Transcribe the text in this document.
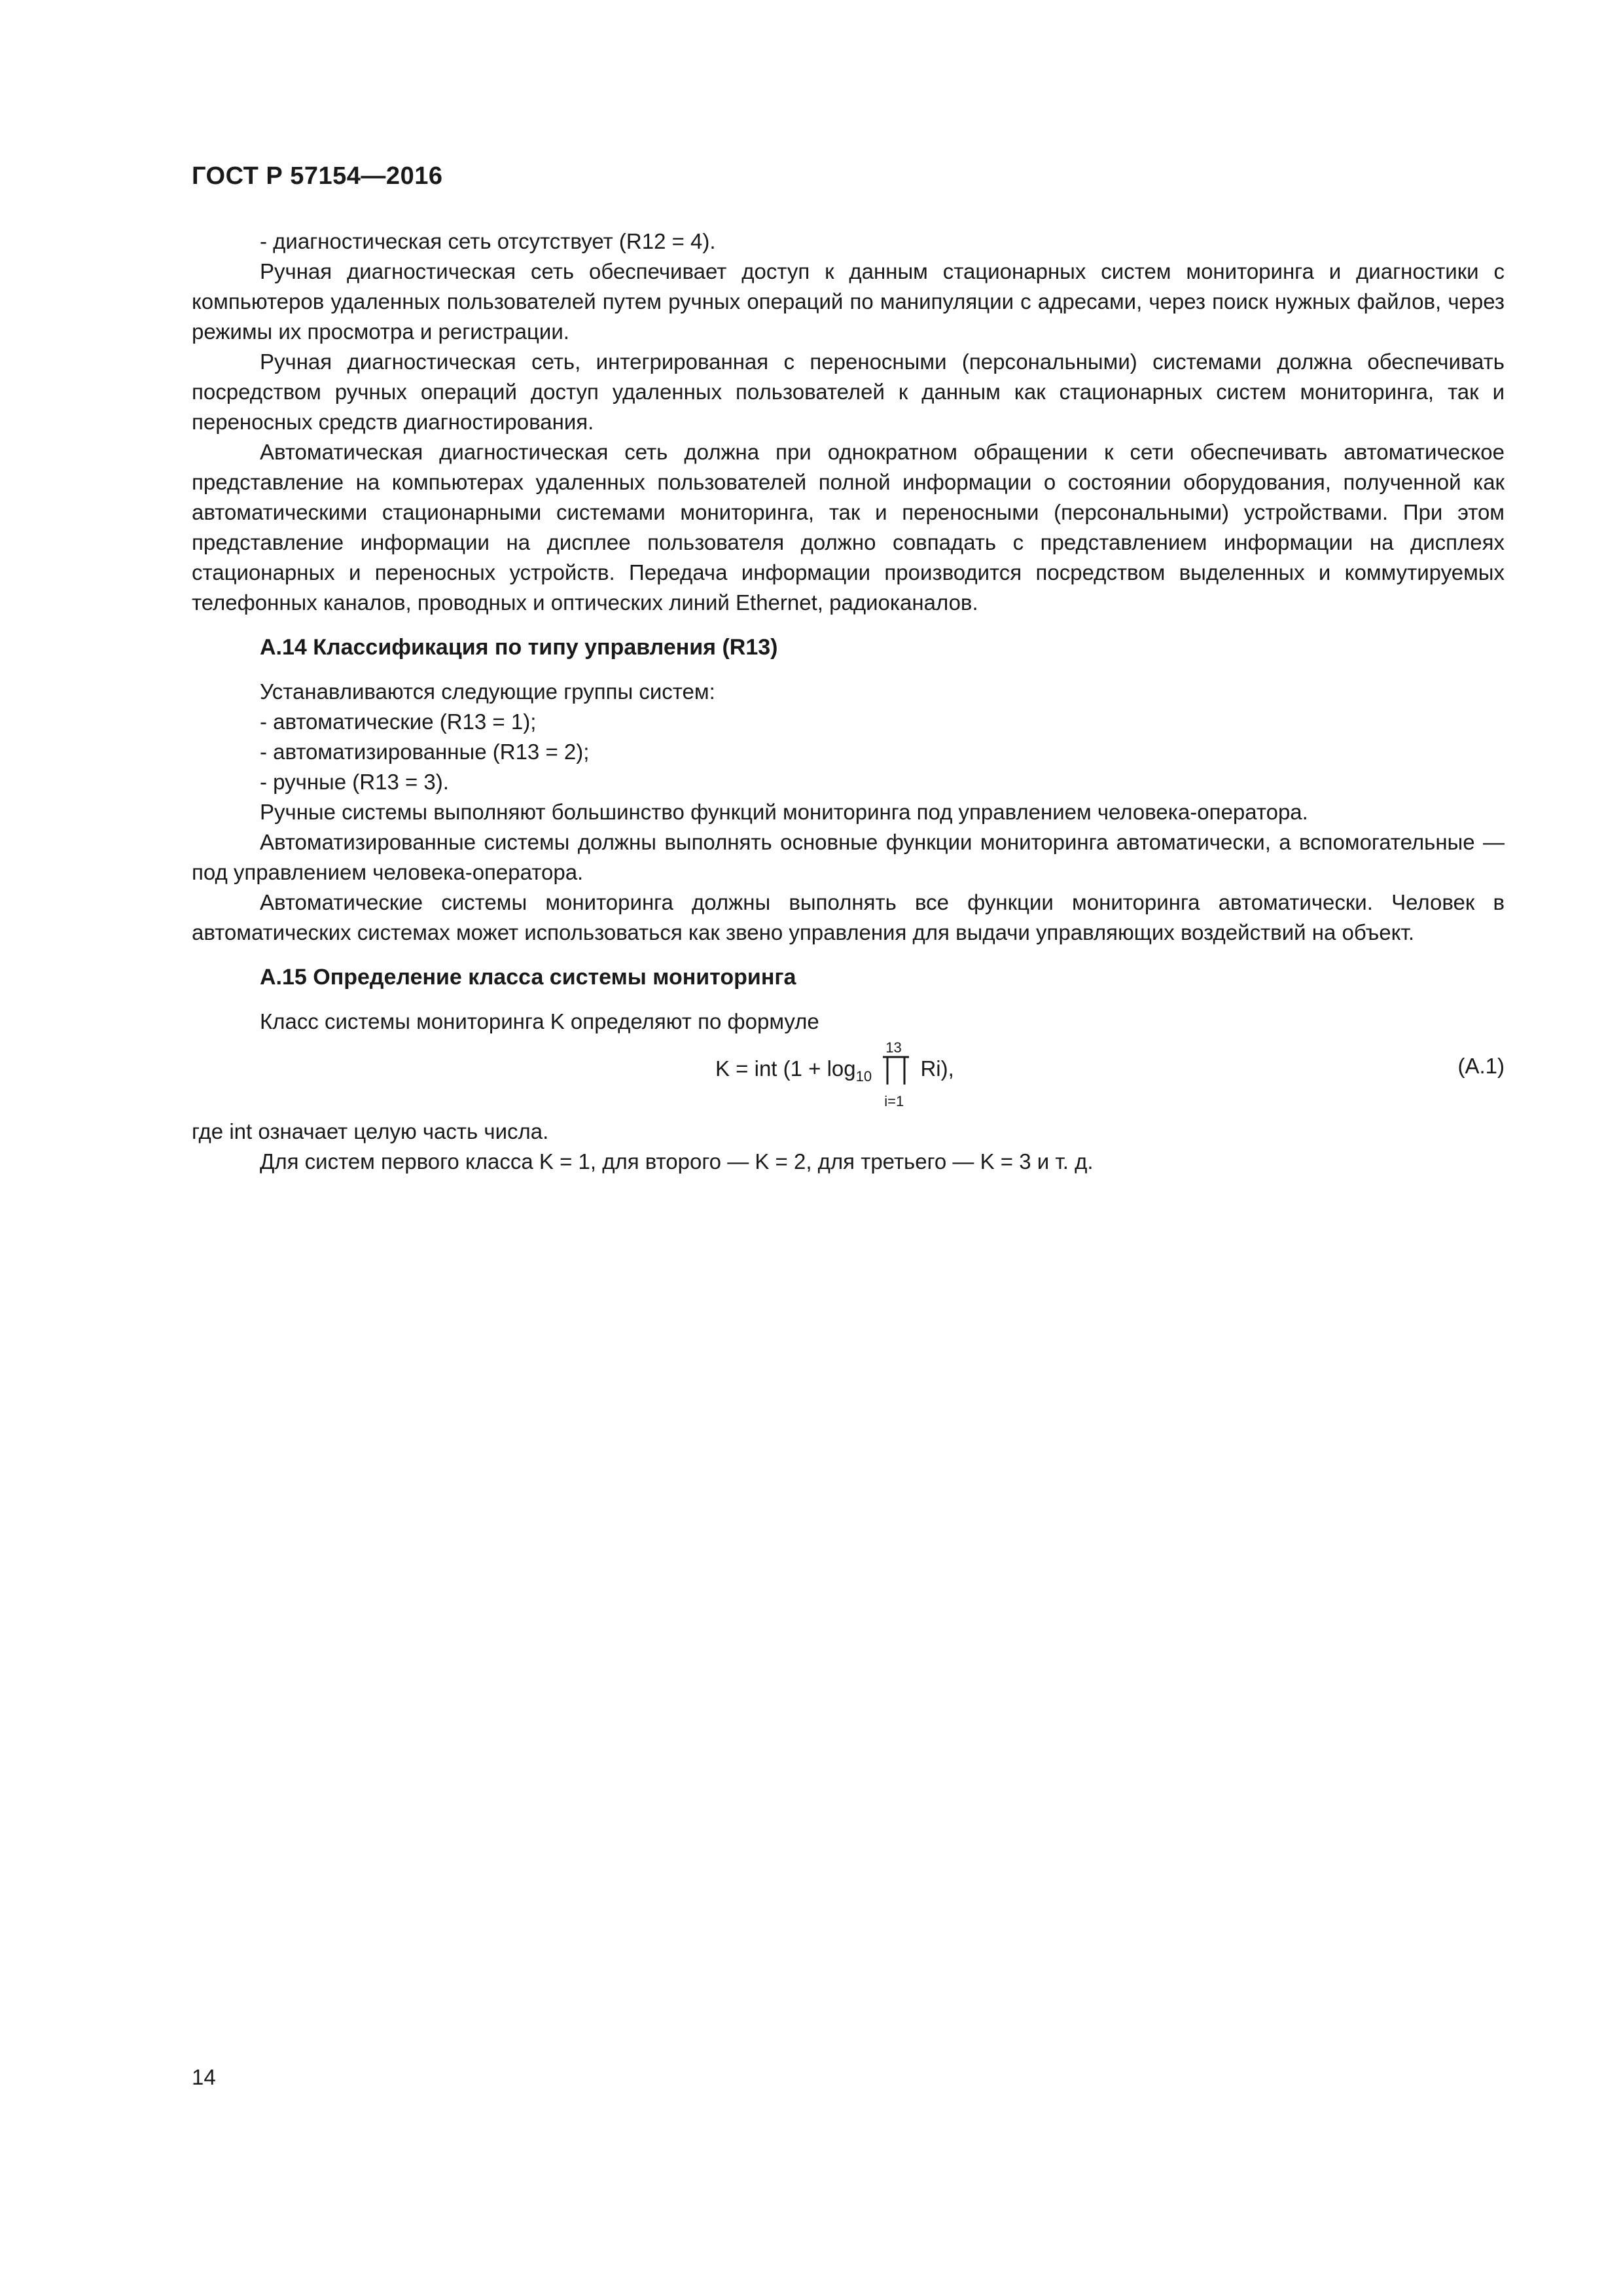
ГОСТ Р 57154—2016

- диагностическая сеть отсутствует (R12 = 4).

Ручная диагностическая сеть обеспечивает доступ к данным стационарных систем мониторинга и диагностики с компьютеров удаленных пользователей путем ручных операций по манипуляции с адресами, через поиск нужных файлов, через режимы их просмотра и регистрации.

Ручная диагностическая сеть, интегрированная с переносными (персональными) системами должна обеспечивать посредством ручных операций доступ удаленных пользователей к данным как стационарных систем мониторинга, так и переносных средств диагностирования.

Автоматическая диагностическая сеть должна при однократном обращении к сети обеспечивать автоматическое представление на компьютерах удаленных пользователей полной информации о состоянии оборудования, полученной как автоматическими стационарными системами мониторинга, так и переносными (персональными) устройствами. При этом представление информации на дисплее пользователя должно совпадать с представлением информации на дисплеях стационарных и переносных устройств. Передача информации производится посредством выделенных и коммутируемых телефонных каналов, проводных и оптических линий Ethernet, радиоканалов.

А.14 Классификация по типу управления (R13)

Устанавливаются следующие группы систем:

- автоматические (R13 = 1);

- автоматизированные (R13 = 2);

- ручные (R13 = 3).

Ручные системы выполняют большинство функций мониторинга под управлением человека-оператора.

Автоматизированные системы должны выполнять основные функции мониторинга автоматически, а вспомогательные — под управлением человека-оператора.

Автоматические системы мониторинга должны выполнять все функции мониторинга автоматически. Человек в автоматических системах может использоваться как звено управления для выдачи управляющих воздействий на объект.

А.15 Определение класса системы мониторинга

Класс системы мониторинга K определяют по формуле

K = int ($1 + \log_{10}$
13
i=1
Ri),	(А.1)

где int означает целую часть числа.

Для систем первого класса K = 1, для второго — K = 2, для третьего — K = 3 и т. д.

14
